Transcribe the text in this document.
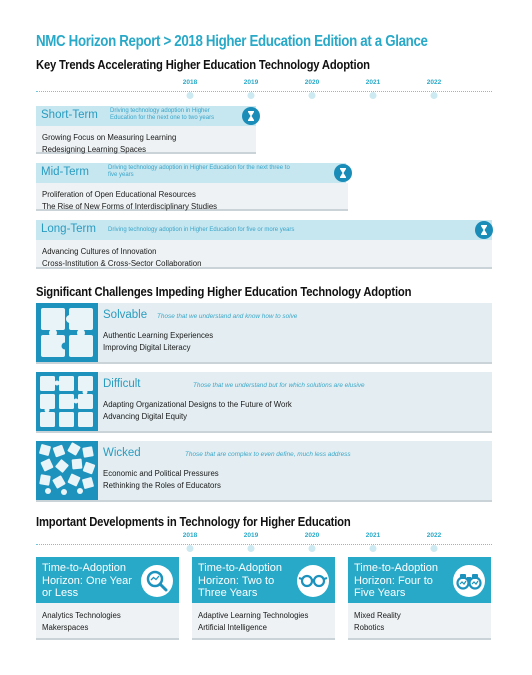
NMC Horizon Report > 2018 Higher Education Edition at a Glance
Key Trends Accelerating Higher Education Technology Adoption
2018	2019	2020	2021	2022
Short-Term Driving technology adoption in Higher Education for the next one to two years
Growing Focus on Measuring Learning
Redesigning Learning Spaces
Mid-Term	Driving technology adoption in Higher Education for the next three to five years
Proliferation of Open Educational Resources
The Rise of New Forms of Interdisciplinary Studies
Long-Term Driving technology adoption in Higher Education for five or more years
Advancing Cultures of Innovation
Cross-Institution & Cross-Sector Collaboration
Significant Challenges Impeding Higher Education Technology Adoption
Solvable Those that we understand and know how to solve
Authentic Learning Experiences
Improving Digital Literacy
Difficult	Those that we understand but for which solutions are elusive
Adapting Organizational Designs to the Future of Work
Advancing Digital Equity
Wicked	Those that are complex to even define, much less address
Economic and Political Pressures
Rethinking the Roles of Educators
Important Developments in Technology for Higher Education
2018	2019	2020	2021	2022
Time-to-Adoption Horizon: One Year or Less
Analytics Technologies
Makerspaces
Time-to-Adoption Horizon: Two to Three Years
Adaptive Learning Technologies
Artificial Intelligence
Time-to-Adoption Horizon: Four to Five Years
Mixed Reality
Robotics
